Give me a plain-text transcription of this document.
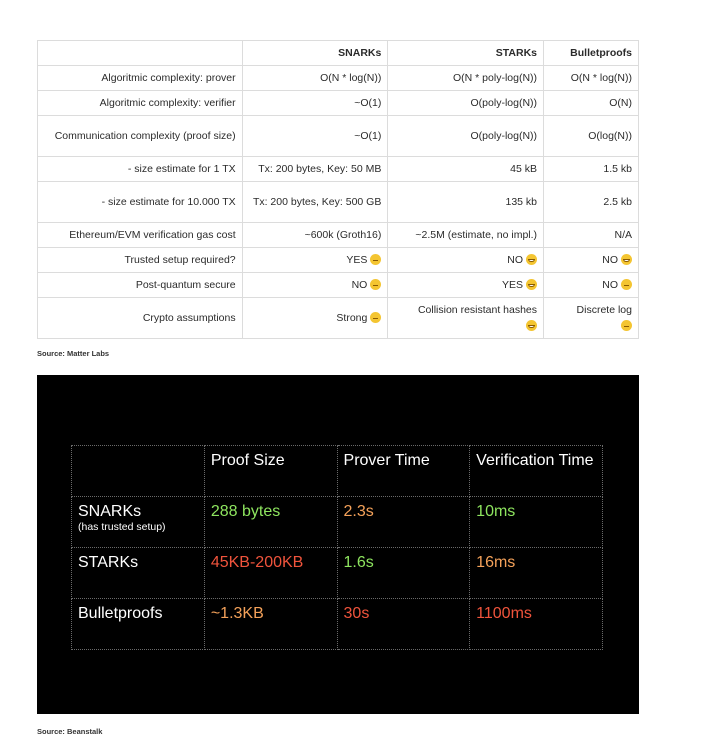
	SNARKs	STARKs	Bulletproofs
Algoritmic complexity: prover	O(N * log(N))	O(N * poly-log(N))	O(N * log(N))
Algoritmic complexity: verifier	~O(1)	O(poly-log(N))	O(N)
Communication complexity (proof size)	~O(1)	O(poly-log(N))	O(log(N))
- size estimate for 1 TX	Tx: 200 bytes, Key: 50 MB	45 kB	1.5 kb
- size estimate for 10.000 TX	Tx: 200 bytes, Key: 500 GB	135 kb	2.5 kb
Ethereum/EVM verification gas cost	~600k (Groth16)	~2.5M (estimate, no impl.)	N/A
Trusted setup required?	YES	NO	NO
Post-quantum secure	NO	YES	NO
Crypto assumptions	Strong	Collision resistant hashes	Discrete log

Source: Matter Labs
	Proof Size	Prover Time	Verification Time
SNARKs
(has trusted setup)	288 bytes	2.3s	10ms
STARKs	45KB-200KB	1.6s	16ms
Bulletproofs	~1.3KB	30s	1100ms
Source: Beanstalk
